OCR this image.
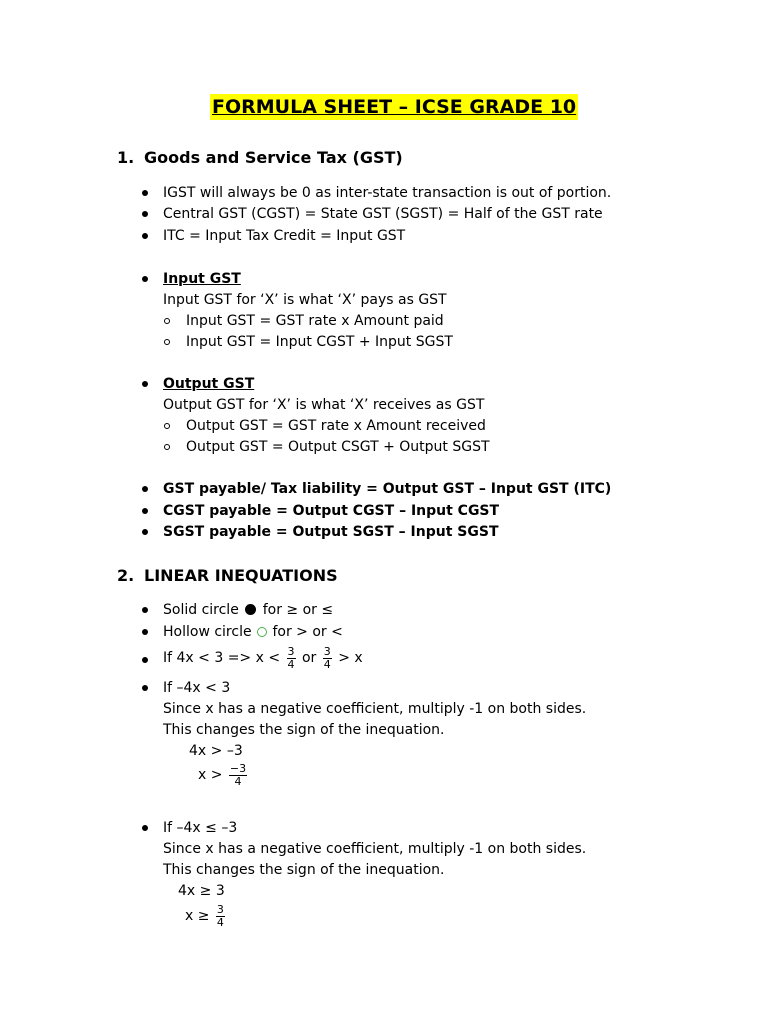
FORMULA SHEET – ICSE GRADE 10
1. Goods and Service Tax (GST)
IGST will always be 0 as inter-state transaction is out of portion.
Central GST (CGST) = State GST (SGST) = Half of the GST rate
ITC = Input Tax Credit = Input GST
Input GST
Input GST for ‘X’ is what ‘X’ pays as GST
Input GST = GST rate x Amount paid
Input GST = Input CGST + Input SGST
Output GST
Output GST for ‘X’ is what ‘X’ receives as GST
Output GST = GST rate x Amount received
Output GST = Output CSGT + Output SGST
GST payable/ Tax liability = Output GST – Input GST (ITC)
CGST payable = Output CGST – Input CGST
SGST payable = Output SGST – Input SGST
2. LINEAR INEQUATIONS
Solid circle for ≥ or ≤
Hollow circle for > or <
If $4x < 3 => x < \frac{3}{4}$ or $\frac{3}{4} > x$
If –4x < 3
Since x has a negative coefficient, multiply -1 on both sides.
This changes the sign of the inequation.
4x > –3
$x > \frac{-3}{4}$
If –4x ≤ –3
Since x has a negative coefficient, multiply -1 on both sides.
This changes the sign of the inequation.
4x ≥ 3
$x \ge \frac{3}{4}$
